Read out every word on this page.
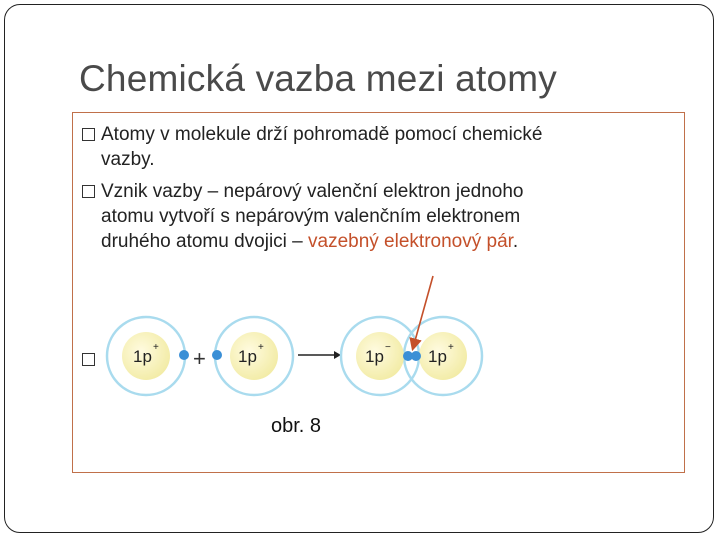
Chemická vazba mezi atomy
Atomy v molekule drží pohromadě pomocí chemické
vazby.
Vznik vazby – nepárový valenční elektron jednoho
atomu vytvoří s nepárovým valenčním elektronem
druhého atomu dvojici – vazebný elektronový pár.
1p + + 1p +	1p − 1p +
obr. 8
